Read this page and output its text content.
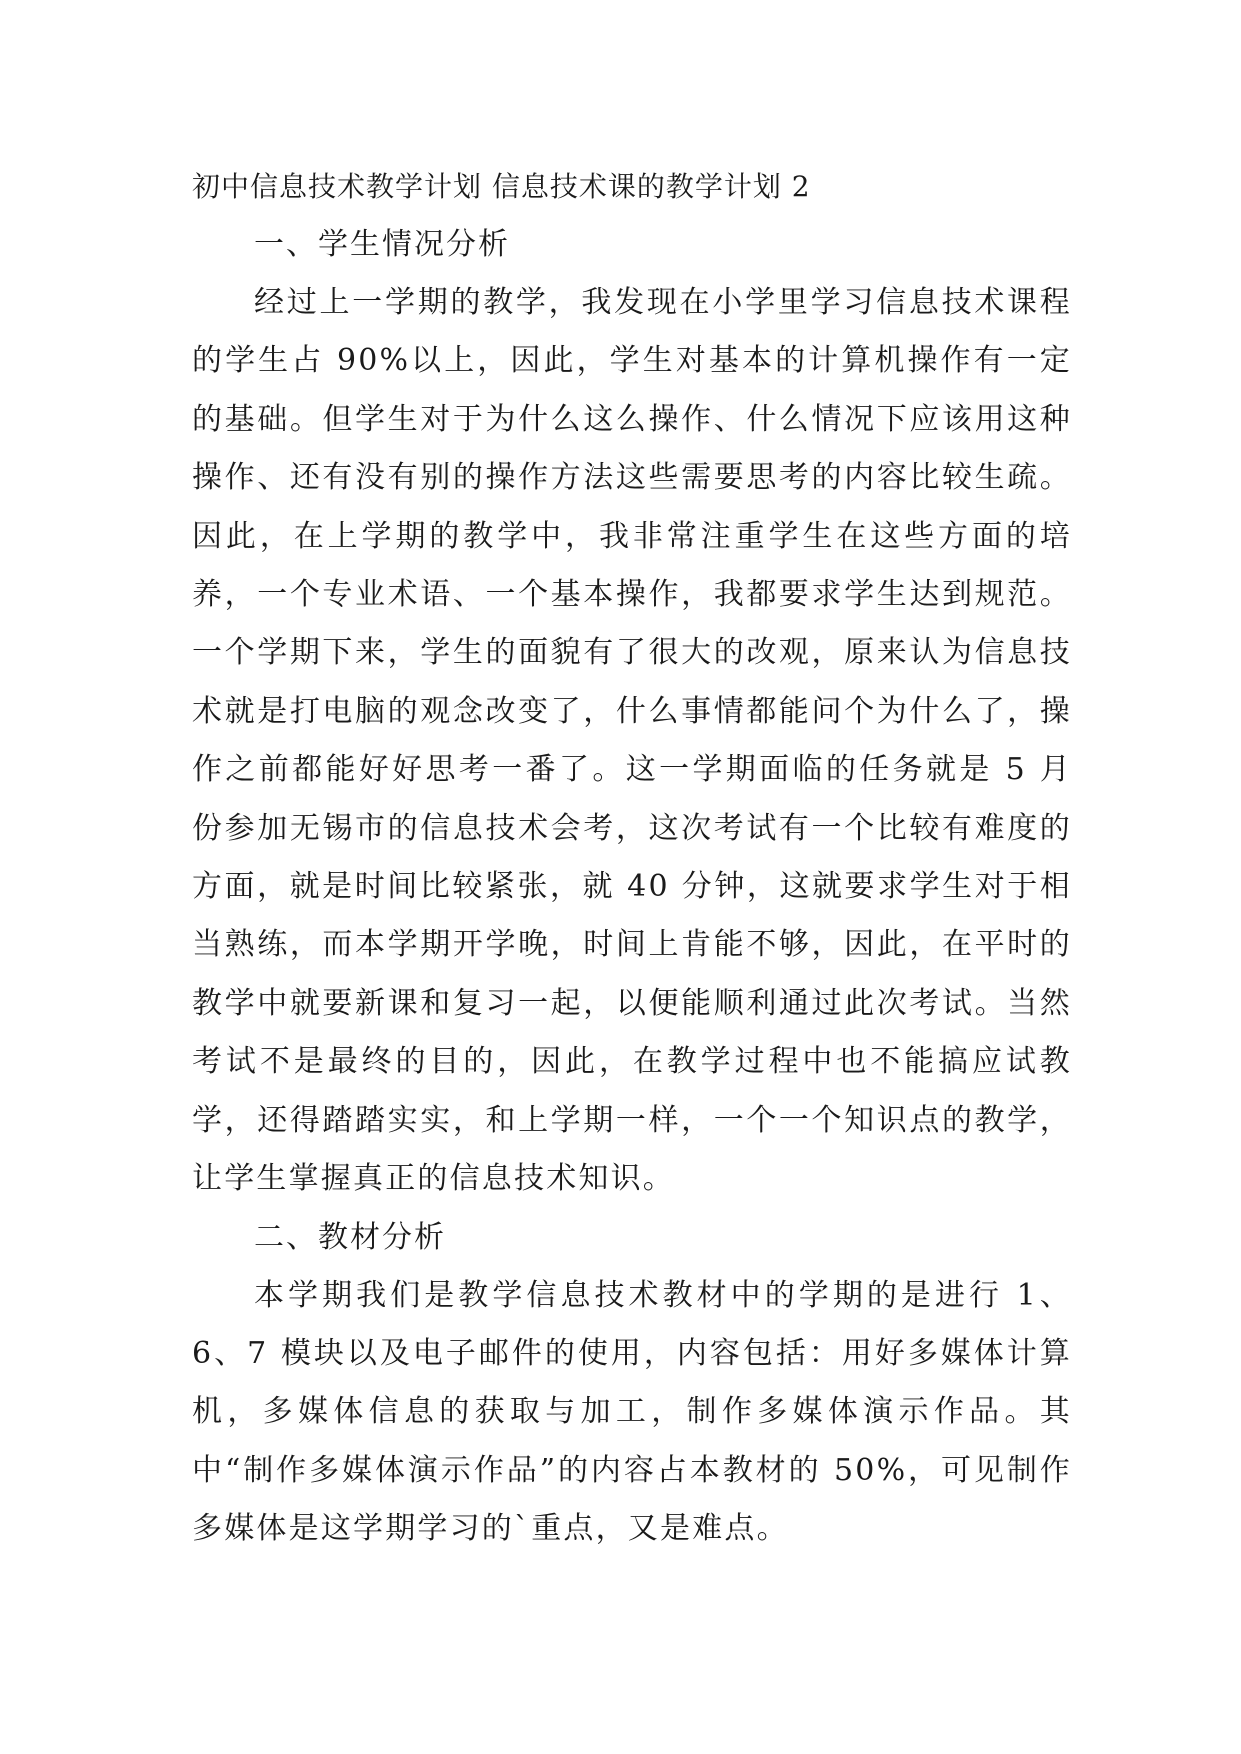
初中信息技术教学计划 信息技术课的教学计划 2
一、学生情况分析

经过上一学期的教学，我发现在小学里学习信息技术课程的学生占 90%以上，因此，学生对基本的计算机操作有一定的基础。但学生对于为什么这么操作、什么情况下应该用这种操作、还有没有别的操作方法这些需要思考的内容比较生疏。因此，在上学期的教学中，我非常注重学生在这些方面的培养，一个专业术语、一个基本操作，我都要求学生达到规范。一个学期下来，学生的面貌有了很大的改观，原来认为信息技术就是打电脑的观念改变了，什么事情都能问个为什么了，操作之前都能好好思考一番了。这一学期面临的任务就是 5 月份参加无锡市的信息技术会考，这次考试有一个比较有难度的方面，就是时间比较紧张，就 40 分钟，这就要求学生对于相当熟练，而本学期开学晚，时间上肯能不够，因此，在平时的教学中就要新课和复习一起，以便能顺利通过此次考试。当然考试不是最终的目的，因此，在教学过程中也不能搞应试教学，还得踏踏实实，和上学期一样，一个一个知识点的教学，让学生掌握真正的信息技术知识。

二、教材分析

本学期我们是教学信息技术教材中的学期的是进行 1、6、7 模块以及电子邮件的使用，内容包括：用好多媒体计算机，多媒体信息的获取与加工，制作多媒体演示作品。其中“制作多媒体演示作品”的内容占本教材的 50%，可见制作多媒体是这学期学习的`重点，又是难点。
